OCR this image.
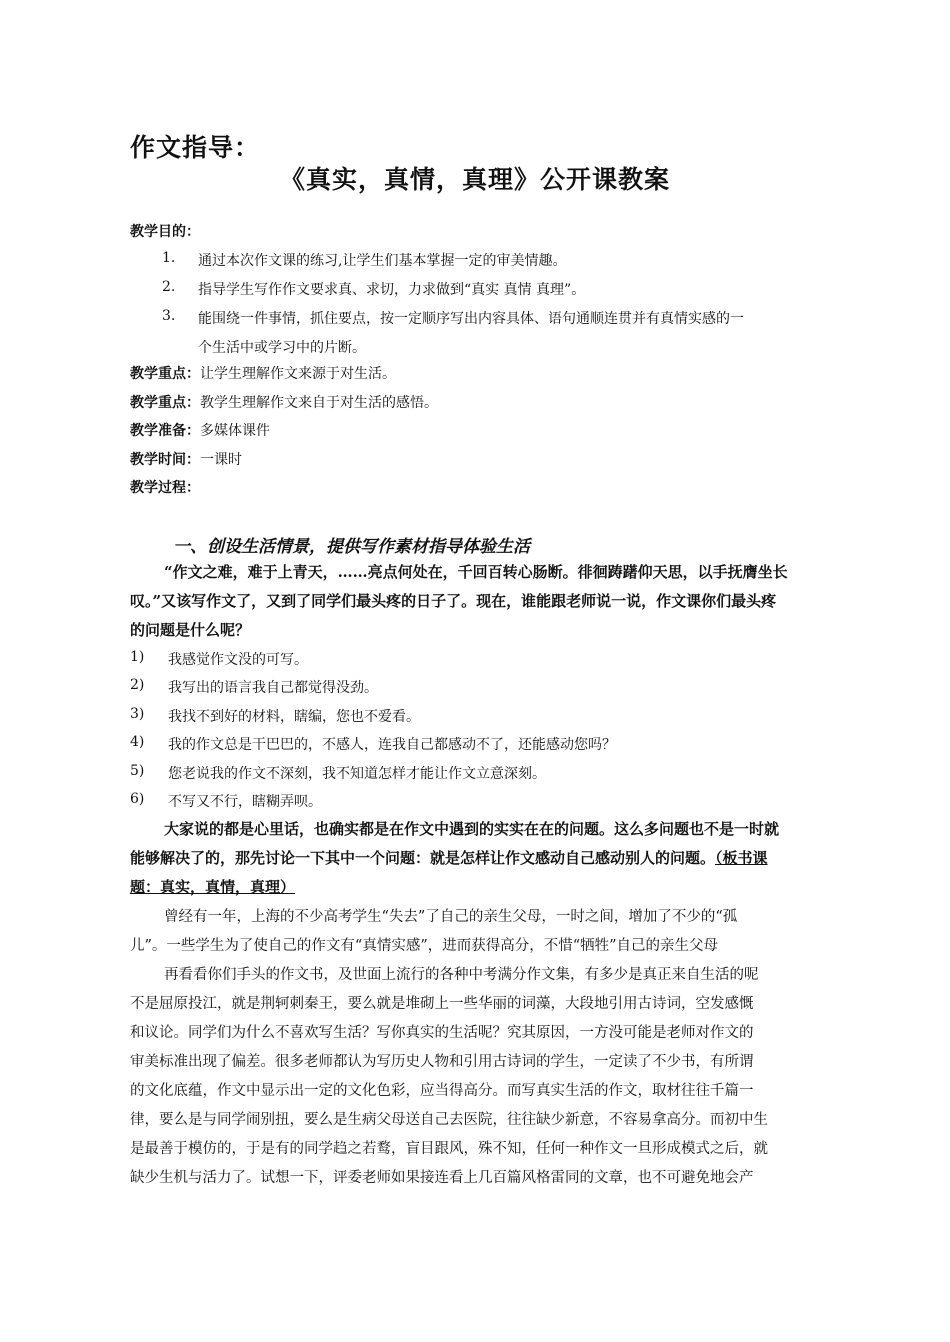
作文指导：
《真实，真情，真理》公开课教案
教学目的：
1. 通过本次作文课的练习,让学生们基本掌握一定的审美情趣。
2. 指导学生写作作文要求真、求切，力求做到“真实 真情 真理”。
3. 能围绕一件事情，抓住要点，按一定顺序写出内容具体、语句通顺连贯并有真情实感的一
个生活中或学习中的片断。
教学重点：让学生理解作文来源于对生活。
教学重点：教学生理解作文来自于对生活的感悟。
教学准备：多媒体课件
教学时间：一课时
教学过程：
一、创设生活情景，提供写作素材指导体验生活
“作文之难，难于上青天，……亮点何处在，千回百转心肠断。徘徊踌躇仰天思，以手抚膺坐长
叹。”又该写作文了，又到了同学们最头疼的日子了。现在，谁能跟老师说一说，作文课你们最头疼
的问题是什么呢？
1) 我感觉作文没的可写。
2) 我写出的语言我自己都觉得没劲。
3) 我找不到好的材料，瞎编，您也不爱看。
4) 我的作文总是干巴巴的，不感人，连我自己都感动不了，还能感动您吗？
5) 您老说我的作文不深刻，我不知道怎样才能让作文立意深刻。
6) 不写又不行，瞎糊弄呗。
大家说的都是心里话，也确实都是在作文中遇到的实实在在的问题。这么多问题也不是一时就
能够解决了的，那先讨论一下其中一个问题：就是怎样让作文感动自己感动别人的问题。（板书课
题：真实，真情，真理）
曾经有一年，上海的不少高考学生“失去”了自己的亲生父母，一时之间，增加了不少的“孤
儿”。一些学生为了使自己的作文有“真情实感”，进而获得高分，不惜“牺牲”自己的亲生父母
再看看你们手头的作文书，及世面上流行的各种中考满分作文集，有多少是真正来自生活的呢
不是屈原投江，就是荆轲刺秦王，要么就是堆砌上一些华丽的词藻，大段地引用古诗词，空发感慨
和议论。同学们为什么不喜欢写生活？写你真实的生活呢？究其原因，一方没可能是老师对作文的
审美标准出现了偏差。很多老师都认为写历史人物和引用古诗词的学生，一定读了不少书，有所谓
的文化底蕴，作文中显示出一定的文化色彩，应当得高分。而写真实生活的作文，取材往往千篇一
律，要么是与同学闹别扭，要么是生病父母送自己去医院，往往缺少新意，不容易拿高分。而初中生
是最善于模仿的，于是有的同学趋之若鹜，盲目跟风，殊不知，任何一种作文一旦形成模式之后，就
缺少生机与活力了。试想一下，评委老师如果接连看上几百篇风格雷同的文章，也不可避免地会产
